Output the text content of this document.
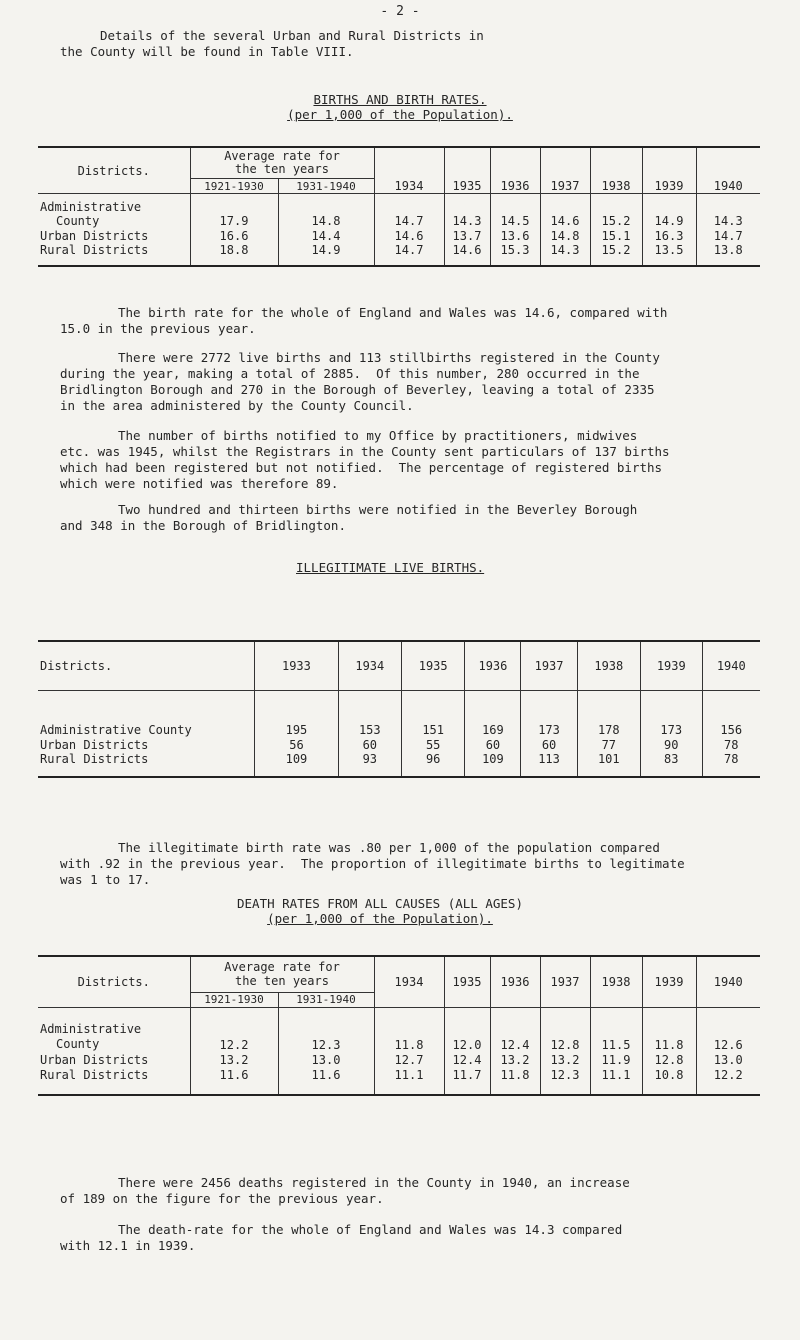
- 2 -
Details of the several Urban and Rural Districts in
the County will be found in Table VIII.
BIRTHS AND BIRTH RATES.
(per 1,000 of the Population).
Districts.	Average rate for
the ten years		1934	1935	1936	1937	1938	1939	1940
	1921-1930	1931-1940							

Administrative
County	17.9	14.8	14.7	14.3	14.5	14.6	15.2	14.9	14.3
Urban Districts	16.6	14.4	14.6	13.7	13.6	14.8	15.1	16.3	14.7
Rural Districts	18.8	14.9	14.7	14.6	15.3	14.3	15.2	13.5	13.8
The birth rate for the whole of England and Wales was 14.6, compared with
15.0 in the previous year.
There were 2772 live births and 113 stillbirths registered in the County
during the year, making a total of 2885.  Of this number, 280 occurred in the
Bridlington Borough and 270 in the Borough of Beverley, leaving a total of 2335
in the area administered by the County Council.
The number of births notified to my Office by practitioners, midwives
etc. was 1945, whilst the Registrars in the County sent particulars of 137 births
which had been registered but not notified.  The percentage of registered births
which were notified was therefore 89.
Two hundred and thirteen births were notified in the Beverley Borough
and 348 in the Borough of Bridlington.
ILLEGITIMATE LIVE BIRTHS.
Districts.	1933	1934	1935	1936	1937	1938	1939	1940
Administrative County	195	153	151	169	173	178	173	156
Urban Districts	56	60	55	60	60	77	90	78
Rural Districts	109	93	96	109	113	101	83	78
The illegitimate birth rate was .80 per 1,000 of the population compared
with .92 in the previous year.  The proportion of illegitimate births to legitimate
was 1 to 17.
DEATH RATES FROM ALL CAUSES (ALL AGES)
(per 1,000 of the Population).
Districts.	Average rate for
the ten years		1934	1935	1936	1937	1938	1939	1940
	1921-1930	1931-1940							

Administrative
County	12.2	12.3	11.8	12.0	12.4	12.8	11.5	11.8	12.6
Urban Districts	13.2	13.0	12.7	12.4	13.2	13.2	11.9	12.8	13.0
Rural Districts	11.6	11.6	11.1	11.7	11.8	12.3	11.1	10.8	12.2
There were 2456 deaths registered in the County in 1940, an increase
of 189 on the figure for the previous year.
The death-rate for the whole of England and Wales was 14.3 compared
with 12.1 in 1939.
